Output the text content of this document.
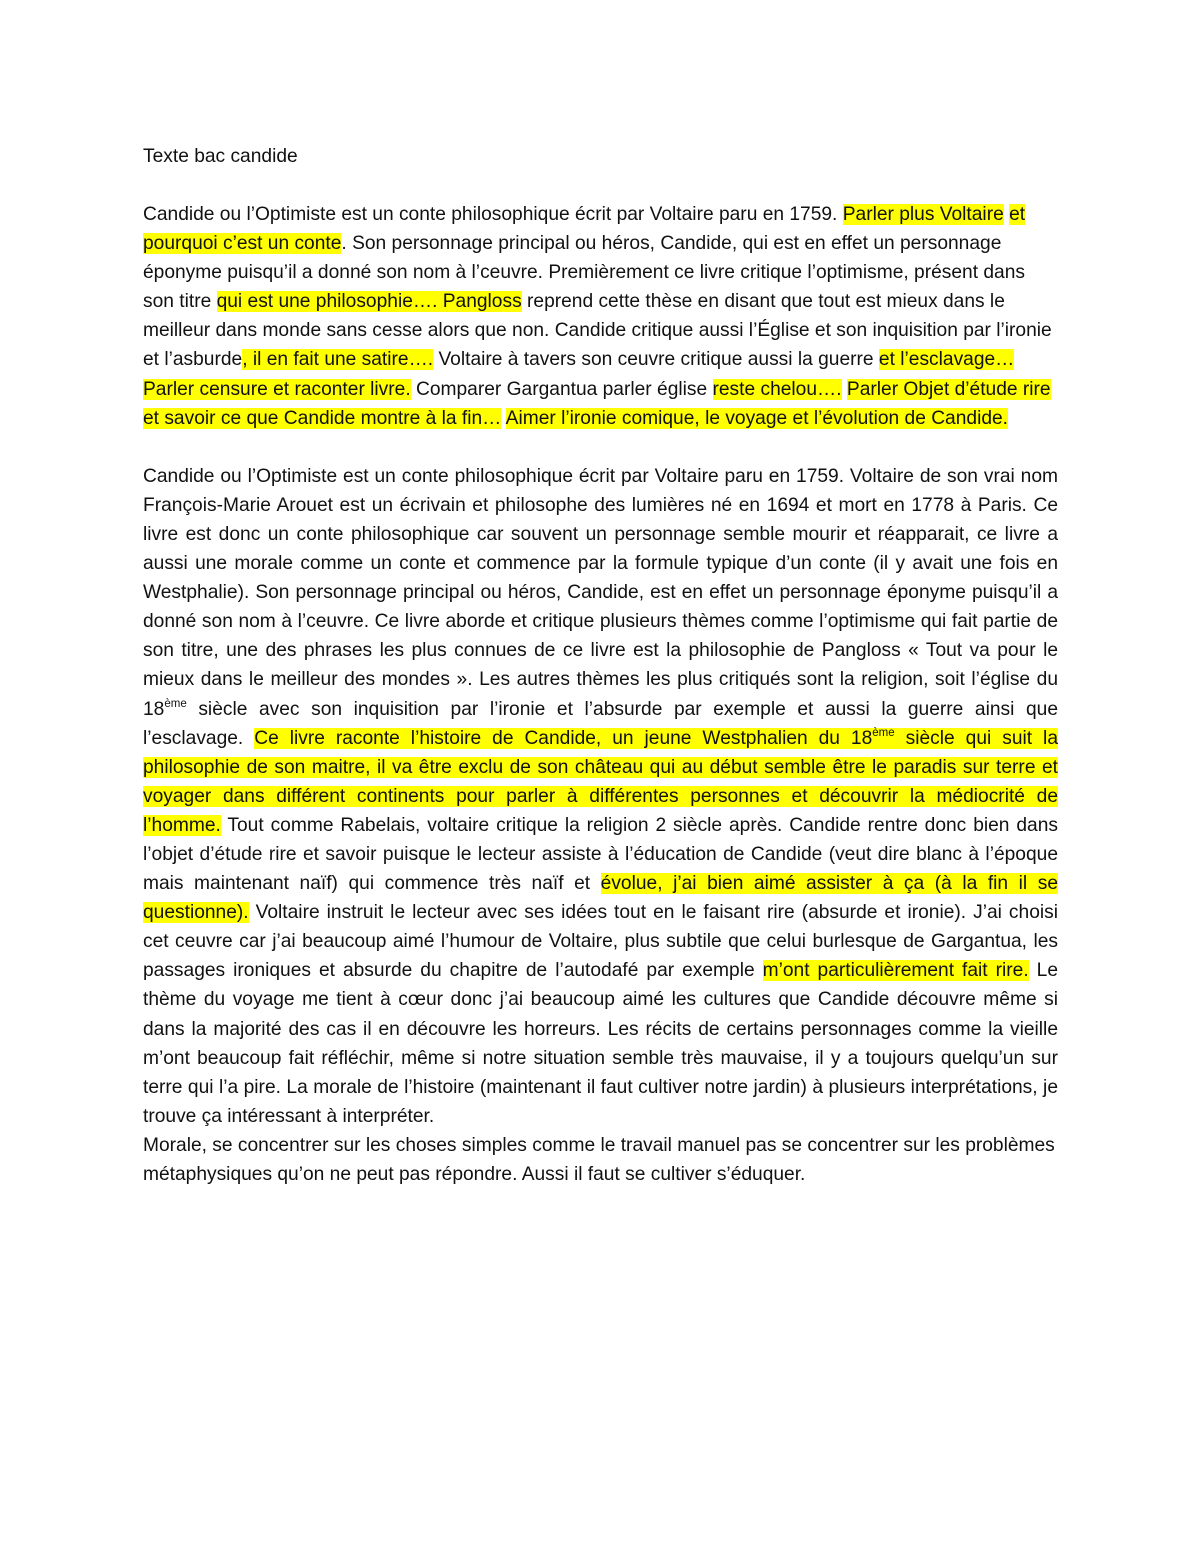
Texte bac candide

Candide ou l’Optimiste est un conte philosophique écrit par Voltaire paru en 1759. Parler plus Voltaire et pourquoi c’est un conte. Son personnage principal ou héros, Candide, qui est en effet un personnage éponyme puisqu’il a donné son nom à l’ceuvre. Premièrement ce livre critique l’optimisme, présent dans son titre qui est une philosophie…. Pangloss reprend cette thèse en disant que tout est mieux dans le meilleur dans monde sans cesse alors que non. Candide critique aussi l’Église et son inquisition par l’ironie et l’asburde, il en fait une satire…. Voltaire à tavers son ceuvre critique aussi la guerre et l’esclavage… Parler censure et raconter livre. Comparer Gargantua parler église reste chelou…. Parler Objet d’étude rire et savoir ce que Candide montre à la fin… Aimer l’ironie comique, le voyage et l’évolution de Candide.

Candide ou l’Optimiste est un conte philosophique écrit par Voltaire paru en 1759. Voltaire de son vrai nom François-Marie Arouet est un écrivain et philosophe des lumières né en 1694 et mort en 1778 à Paris. Ce livre est donc un conte philosophique car souvent un personnage semble mourir et réapparait, ce livre a aussi une morale comme un conte et commence par la formule typique d’un conte (il y avait une fois en Westphalie). Son personnage principal ou héros, Candide, est en effet un personnage éponyme puisqu’il a donné son nom à l’ceuvre. Ce livre aborde et critique plusieurs thèmes comme l’optimisme qui fait partie de son titre, une des phrases les plus connues de ce livre est la philosophie de Pangloss « Tout va pour le mieux dans le meilleur des mondes ». Les autres thèmes les plus critiqués sont la religion, soit l’église du 18ème siècle avec son inquisition par l’ironie et l’absurde par exemple et aussi la guerre ainsi que l’esclavage. Ce livre raconte l’histoire de Candide, un jeune Westphalien du 18ème siècle qui suit la philosophie de son maitre, il va être exclu de son château qui au début semble être le paradis sur terre et voyager dans différent continents pour parler à différentes personnes et découvrir la médiocrité de l’homme. Tout comme Rabelais, voltaire critique la religion 2 siècle après. Candide rentre donc bien dans l’objet d’étude rire et savoir puisque le lecteur assiste à l’éducation de Candide (veut dire blanc à l’époque mais maintenant naïf) qui commence très naïf et évolue, j’ai bien aimé assister à ça (à la fin il se questionne). Voltaire instruit le lecteur avec ses idées tout en le faisant rire (absurde et ironie). J’ai choisi cet ceuvre car j’ai beaucoup aimé l’humour de Voltaire, plus subtile que celui burlesque de Gargantua, les passages ironiques et absurde du chapitre de l’autodafé par exemple m’ont particulièrement fait rire. Le thème du voyage me tient à cœur donc j’ai beaucoup aimé les cultures que Candide découvre même si dans la majorité des cas il en découvre les horreurs. Les récits de certains personnages comme la vieille m’ont beaucoup fait réfléchir, même si notre situation semble très mauvaise, il y a toujours quelqu’un sur terre qui l’a pire. La morale de l’histoire (maintenant il faut cultiver notre jardin) à plusieurs interprétations, je trouve ça intéressant à interpréter.

Morale, se concentrer sur les choses simples comme le travail manuel pas se concentrer sur les problèmes métaphysiques qu’on ne peut pas répondre. Aussi il faut se cultiver s’éduquer.
